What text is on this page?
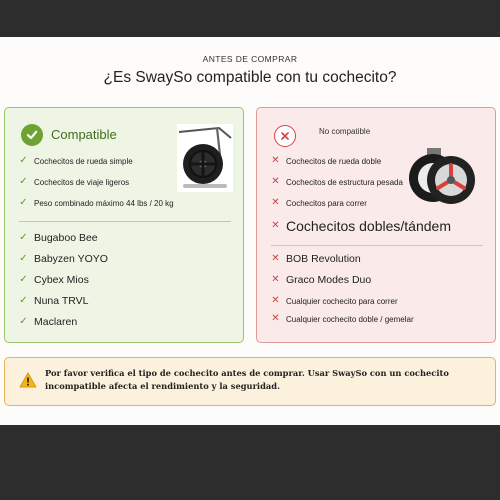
ANTES DE COMPRAR
¿Es SwaySo compatible con tu cochecito?
Compatible
✓ Cochecitos de rueda simple
✓ Cochecitos de viaje ligeros
✓ Peso combinado máximo 44 lbs / 20 kg
✓ Bugaboo Bee
✓ Babyzen YOYO
✓ Cybex Mios
✓ Nuna TRVL
✓ Maclaren
No compatible
✕ Cochecitos de rueda doble
✕ Cochecitos de estructura pesada
✕ Cochecitos para correr
✕ Cochecitos dobles/tándem
✕ BOB Revolution
✕ Graco Modes Duo
✕ Cualquier cochecito para correr
✕ Cualquier cochecito doble / gemelar
Por favor verifica el tipo de cochecito antes de comprar. Usar SwaySo con un cochecito incompatible afecta el rendimiento y la seguridad.
